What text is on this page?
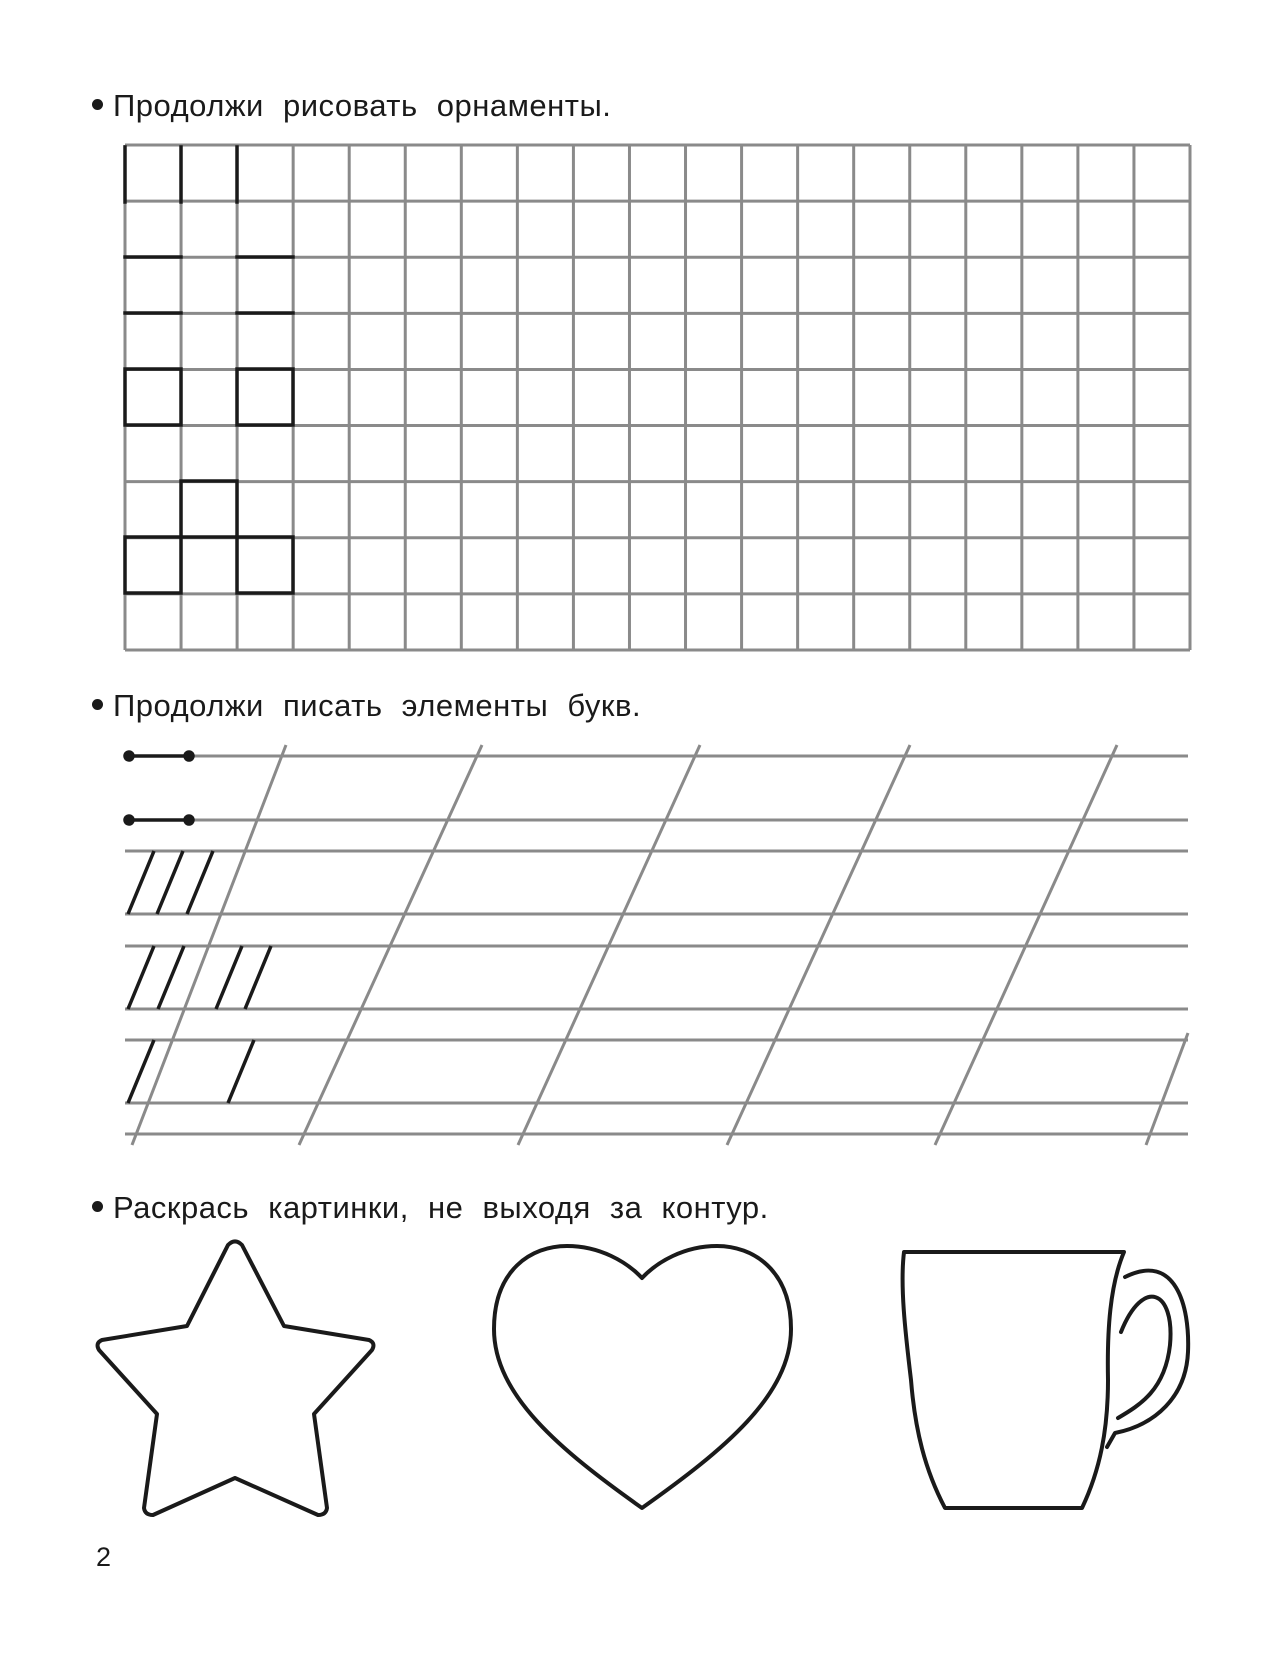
Продолжи рисовать орнаменты.
Продолжи писать элементы букв.
Раскрась картинки, не выходя за контур.
2
